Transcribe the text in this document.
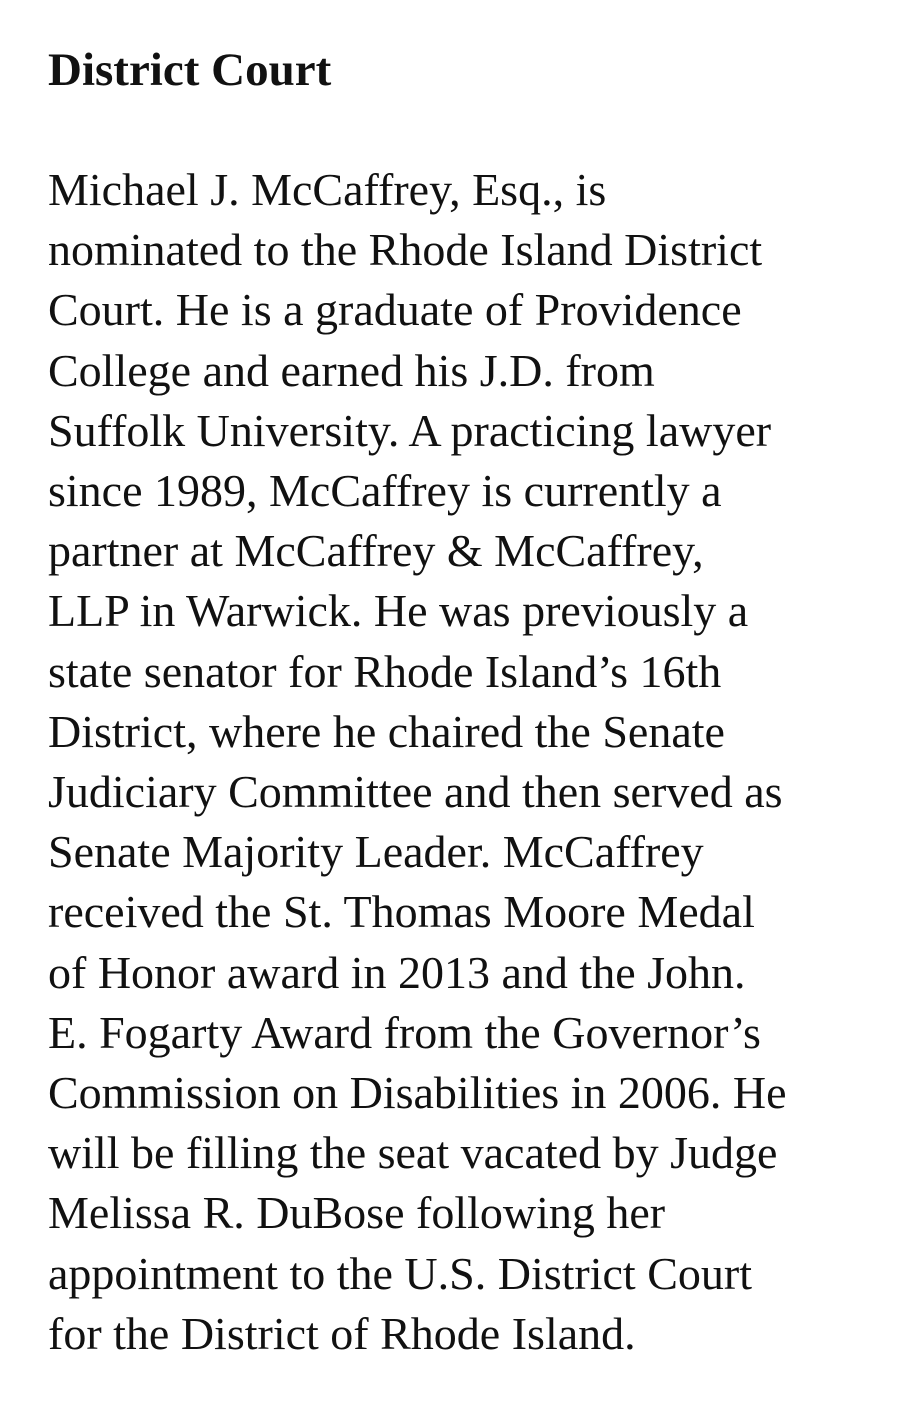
District Court

Michael J. McCaffrey, Esq., is
nominated to the Rhode Island District
Court. He is a graduate of Providence
College and earned his J.D. from
Suffolk University. A practicing lawyer
since 1989, McCaffrey is currently a
partner at McCaffrey & McCaffrey,
LLP in Warwick. He was previously a
state senator for Rhode Island’s 16th
District, where he chaired the Senate
Judiciary Committee and then served as
Senate Majority Leader. McCaffrey
received the St. Thomas Moore Medal
of Honor award in 2013 and the John.
E. Fogarty Award from the Governor’s
Commission on Disabilities in 2006. He
will be filling the seat vacated by Judge
Melissa R. DuBose following her
appointment to the U.S. District Court
for the District of Rhode Island.
